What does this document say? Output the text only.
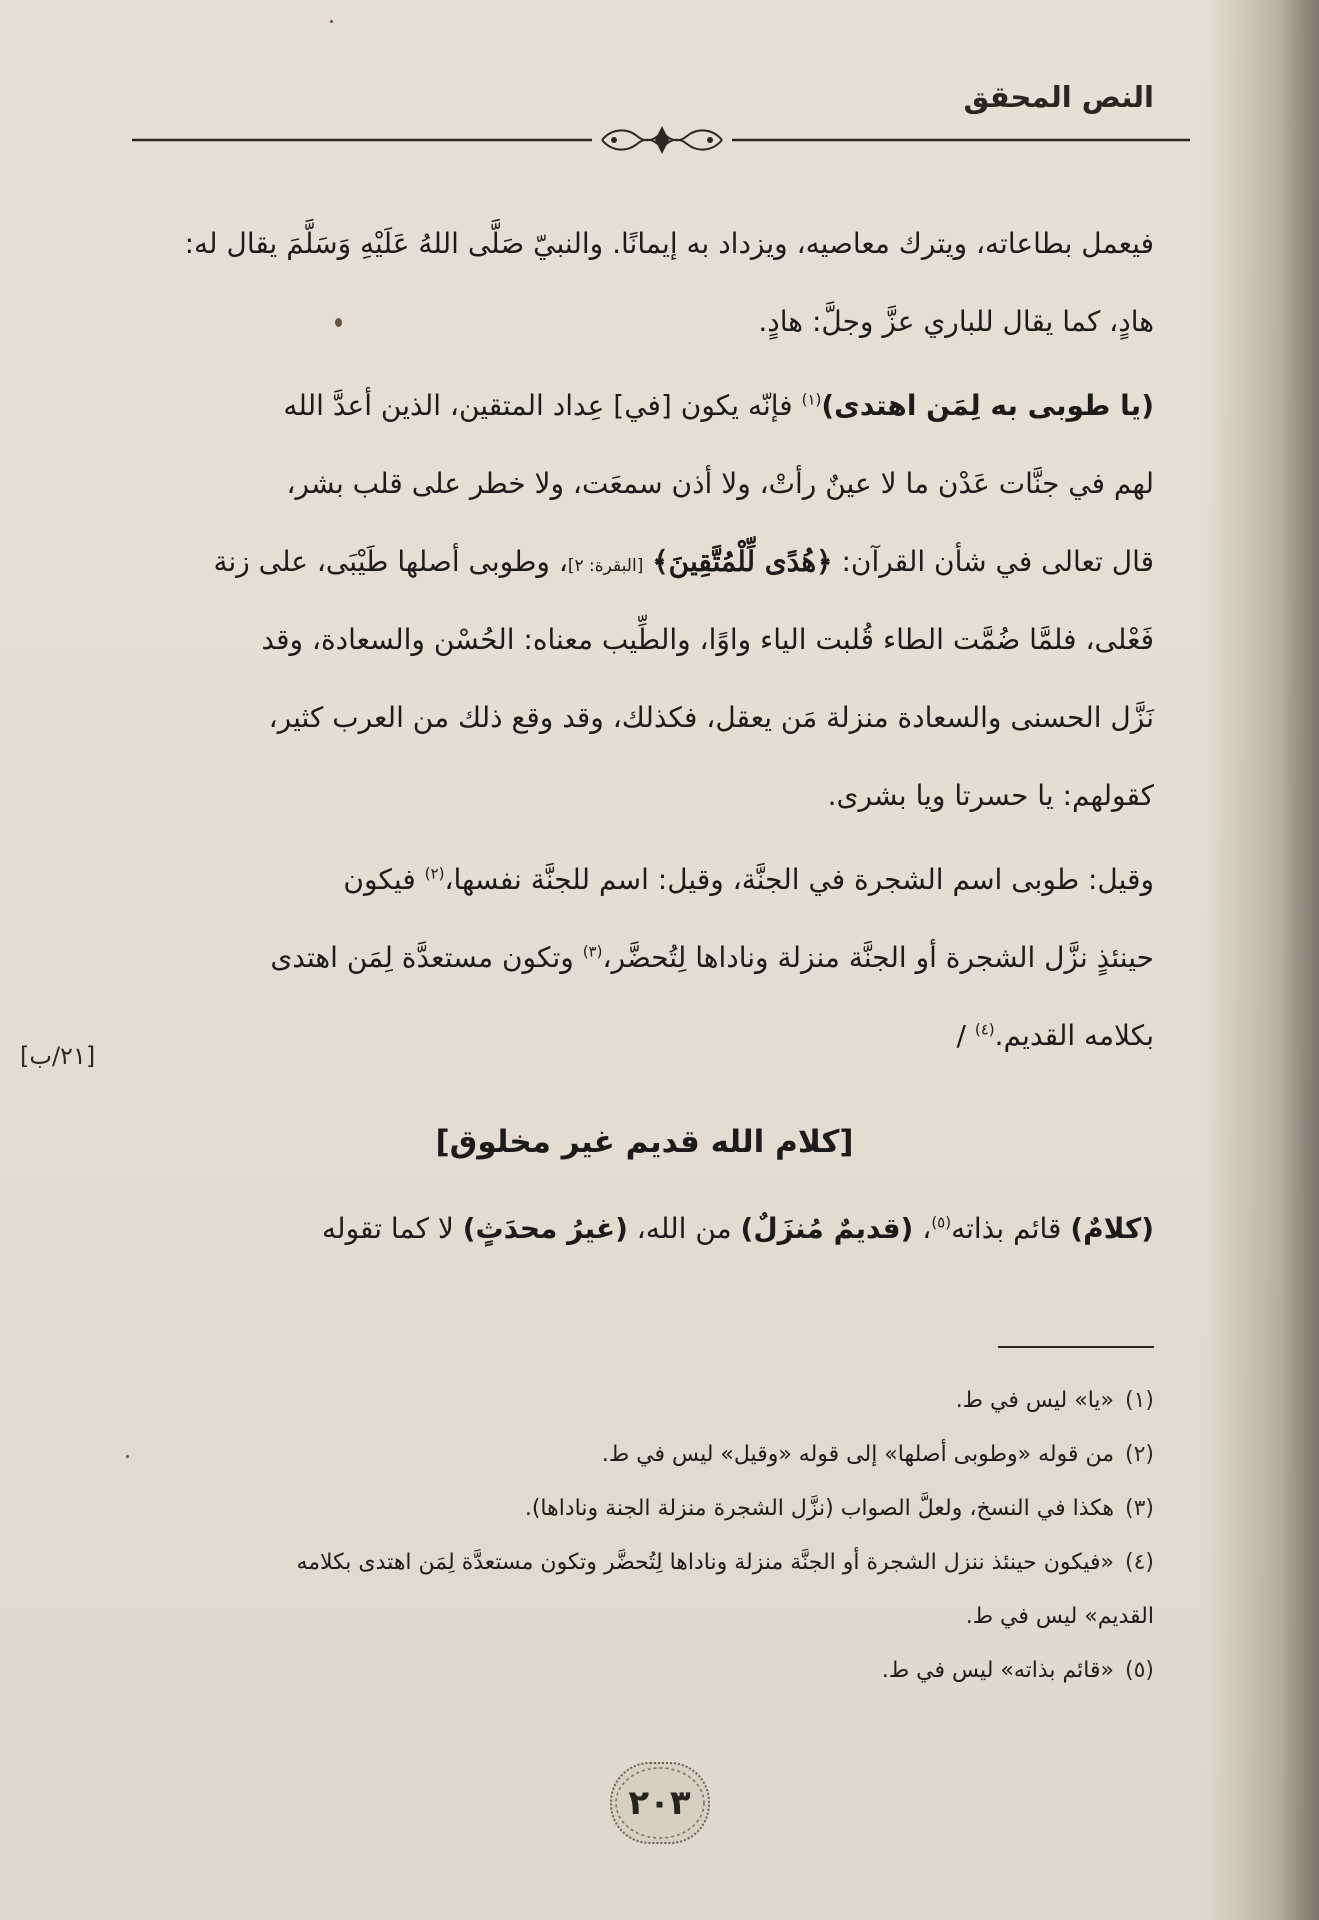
النص المحقق
فيعمل بطاعاته، ويترك معاصيه، ويزداد به إيمانًا. والنبيّ صَلَّى اللهُ عَلَيْهِ وَسَلَّمَ يقال له:
هادٍ، كما يقال للباري عزَّ وجلَّ: هادٍ.
(يا طوبى به لِمَن اهتدى)$^{(١)}$ فإنّه يكون [في] عِداد المتقين، الذين أعدَّ الله
لهم في جنَّات عَدْن ما لا عينٌ رأتْ، ولا أذن سمعَت، ولا خطر على قلب بشر،
قال تعالى في شأن القرآن: ﴿هُدًى لِّلْمُتَّقِينَ﴾ [البقرة: ٢]، وطوبى أصلها طَيْبَى، على زنة
فَعْلى، فلمَّا ضُمَّت الطاء قُلبت الياء واوًا، والطِّيب معناه: الحُسْن والسعادة، وقد
نَزَّل الحسنى والسعادة منزلة مَن يعقل، فكذلك، وقد وقع ذلك من العرب كثير،
كقولهم: يا حسرتا ويا بشرى.
وقيل: طوبى اسم الشجرة في الجنَّة، وقيل: اسم للجنَّة نفسها،$^{(٢)}$ فيكون
حينئذٍ نزَّل الشجرة أو الجنَّة منزلة وناداها لِتُحضَّر،$^{(٣)}$ وتكون مستعدَّة لِمَن اهتدى
بكلامه القديم.$^{(٤)}$ /
[٢١/ب]
[كلام الله قديم غير مخلوق]
(كلامٌ) قائم بذاته$^{(٥)}$، (قديمٌ مُنزَلٌ) من الله، (غيرُ محدَثٍ) لا كما تقوله
(١)
«يا» ليس في ط.
(٢)
من قوله «وطوبى أصلها» إلى قوله «وقيل» ليس في ط.
(٣)
هكذا في النسخ، ولعلَّ الصواب (نزَّل الشجرة منزلة الجنة وناداها).
(٤)
«فيكون حينئذ ننزل الشجرة أو الجنَّة منزلة وناداها لِتُحضَّر وتكون مستعدَّة لِمَن اهتدى بكلامه
القديم» ليس في ط.
(٥)
«قائم بذاته» ليس في ط.
٢٠٣
